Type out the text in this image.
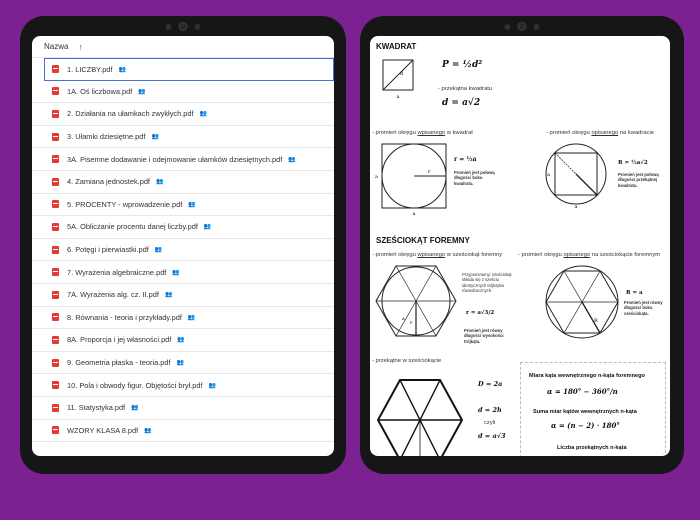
Nazwa ↑
1. LICZBY.pdf 👥
1A. Oś liczbowa.pdf 👥
2. Działania na ułamkach zwykłych.pdf 👥
3. Ułamki dziesiętne.pdf 👥
3A. Pisemne dodawanie i odejmowanie ułamków dziesiętnych.pdf 👥
4. Zamiana jednostek.pdf 👥
5. PROCENTY - wprowadzenie.pdf 👥
5A. Obliczanie procentu danej liczby.pdf 👥
6. Potęgi i pierwiastki.pdf 👥
7. Wyrażenia algebraiczne.pdf 👥
7A. Wyrażenia alg. cz. II.pdf 👥
8. Równania - teoria i przykłady.pdf 👥
8A. Proporcja i jej własności.pdf 👥
9. Geometria płaska - teoria.pdf 👥
10. Pola i obwody figur. Objętości brył.pdf 👥
11. Statystyka.pdf 👥
WZORY KLASA 8.pdf 👥
KWADRAT
a
d
P = ½d²
- przekątna kwadratu
d = a√2
- promień okręgu wpisanego w kwadrat	- promień okręgu opisanego na kwadracie
r
a
a
r = ½a
Promień jest połową długości boku kwadratu.
a
a
R = ½a√2
Promień jest połową długości przekątnej kwadratu.
SZEŚCIOKĄT FOREMNY
- promień okręgu wpisanego w sześciokąt foremny	- promień okręgu opisanego na sześciokącie foremnym
r
a
Przypominamy: sześciokąt składa się z sześciu identycznych trójkątów równobocznych.
r = a√3/2
Promień jest równy długości wysokości trójkąta.
R
R = a
Promień jest równy długości boku sześciokąta.
- przekątne w sześciokącie
D = 2a
d = 2h
czyli
d = a√3
Miara kąta wewnętrznego n-kąta foremnego
α = 180° − 360°/n
Suma miar kątów wewnętrznych n-kąta
α = (n − 2) · 180°
Liczba przekątnych n-kąta
